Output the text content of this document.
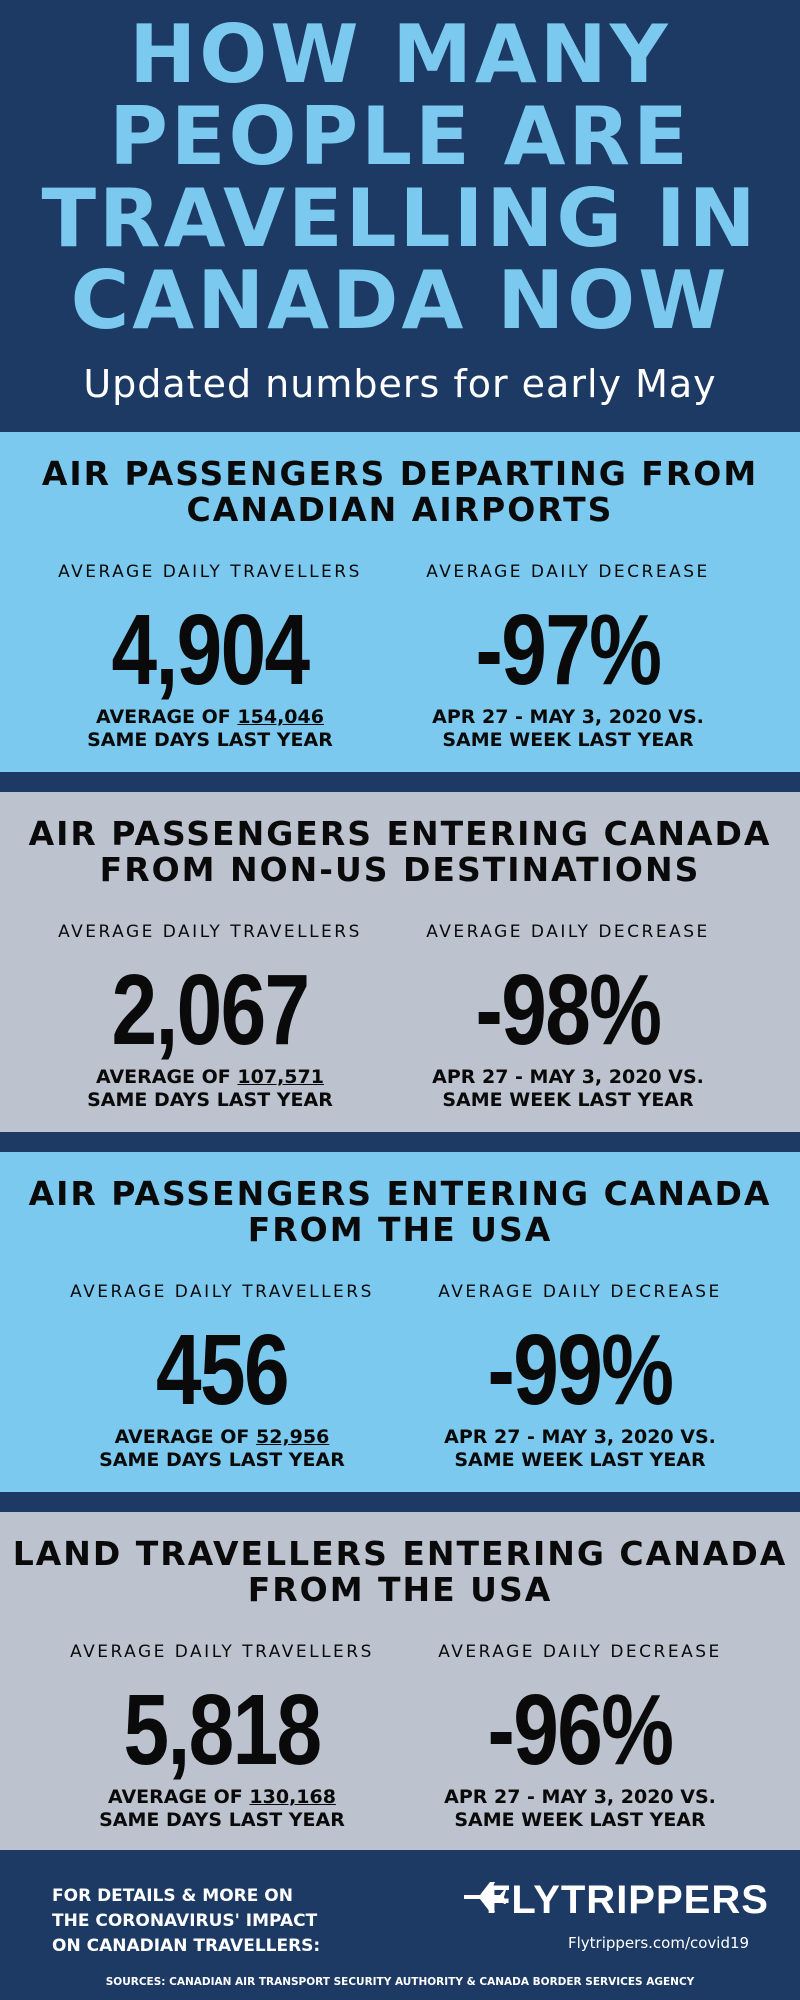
HOW MANY
PEOPLE ARE
TRAVELLING IN
CANADA NOW
Updated numbers for early May
AIR PASSENGERS DEPARTING FROM
CANADIAN AIRPORTS
AVERAGE DAILY TRAVELLERS
4,904
AVERAGE OF 154,046
SAME DAYS LAST YEAR
AVERAGE DAILY DECREASE
-97%
APR 27 - MAY 3, 2020 VS.
SAME WEEK LAST YEAR
AIR PASSENGERS ENTERING CANADA
FROM NON-US DESTINATIONS
AVERAGE DAILY TRAVELLERS
2,067
AVERAGE OF 107,571
SAME DAYS LAST YEAR
AVERAGE DAILY DECREASE
-98%
APR 27 - MAY 3, 2020 VS.
SAME WEEK LAST YEAR
AIR PASSENGERS ENTERING CANADA
FROM THE USA
AVERAGE DAILY TRAVELLERS
456
AVERAGE OF 52,956
SAME DAYS LAST YEAR
AVERAGE DAILY DECREASE
-99%
APR 27 - MAY 3, 2020 VS.
SAME WEEK LAST YEAR
LAND TRAVELLERS ENTERING CANADA
FROM THE USA
AVERAGE DAILY TRAVELLERS
5,818
AVERAGE OF 130,168
SAME DAYS LAST YEAR
AVERAGE DAILY DECREASE
-96%
APR 27 - MAY 3, 2020 VS.
SAME WEEK LAST YEAR
FOR DETAILS & MORE ON
THE CORONAVIRUS' IMPACT
ON CANADIAN TRAVELLERS:
FLYTRIPPERS
Flytrippers.com/covid19
SOURCES: CANADIAN AIR TRANSPORT SECURITY AUTHORITY & CANADA BORDER SERVICES AGENCY
